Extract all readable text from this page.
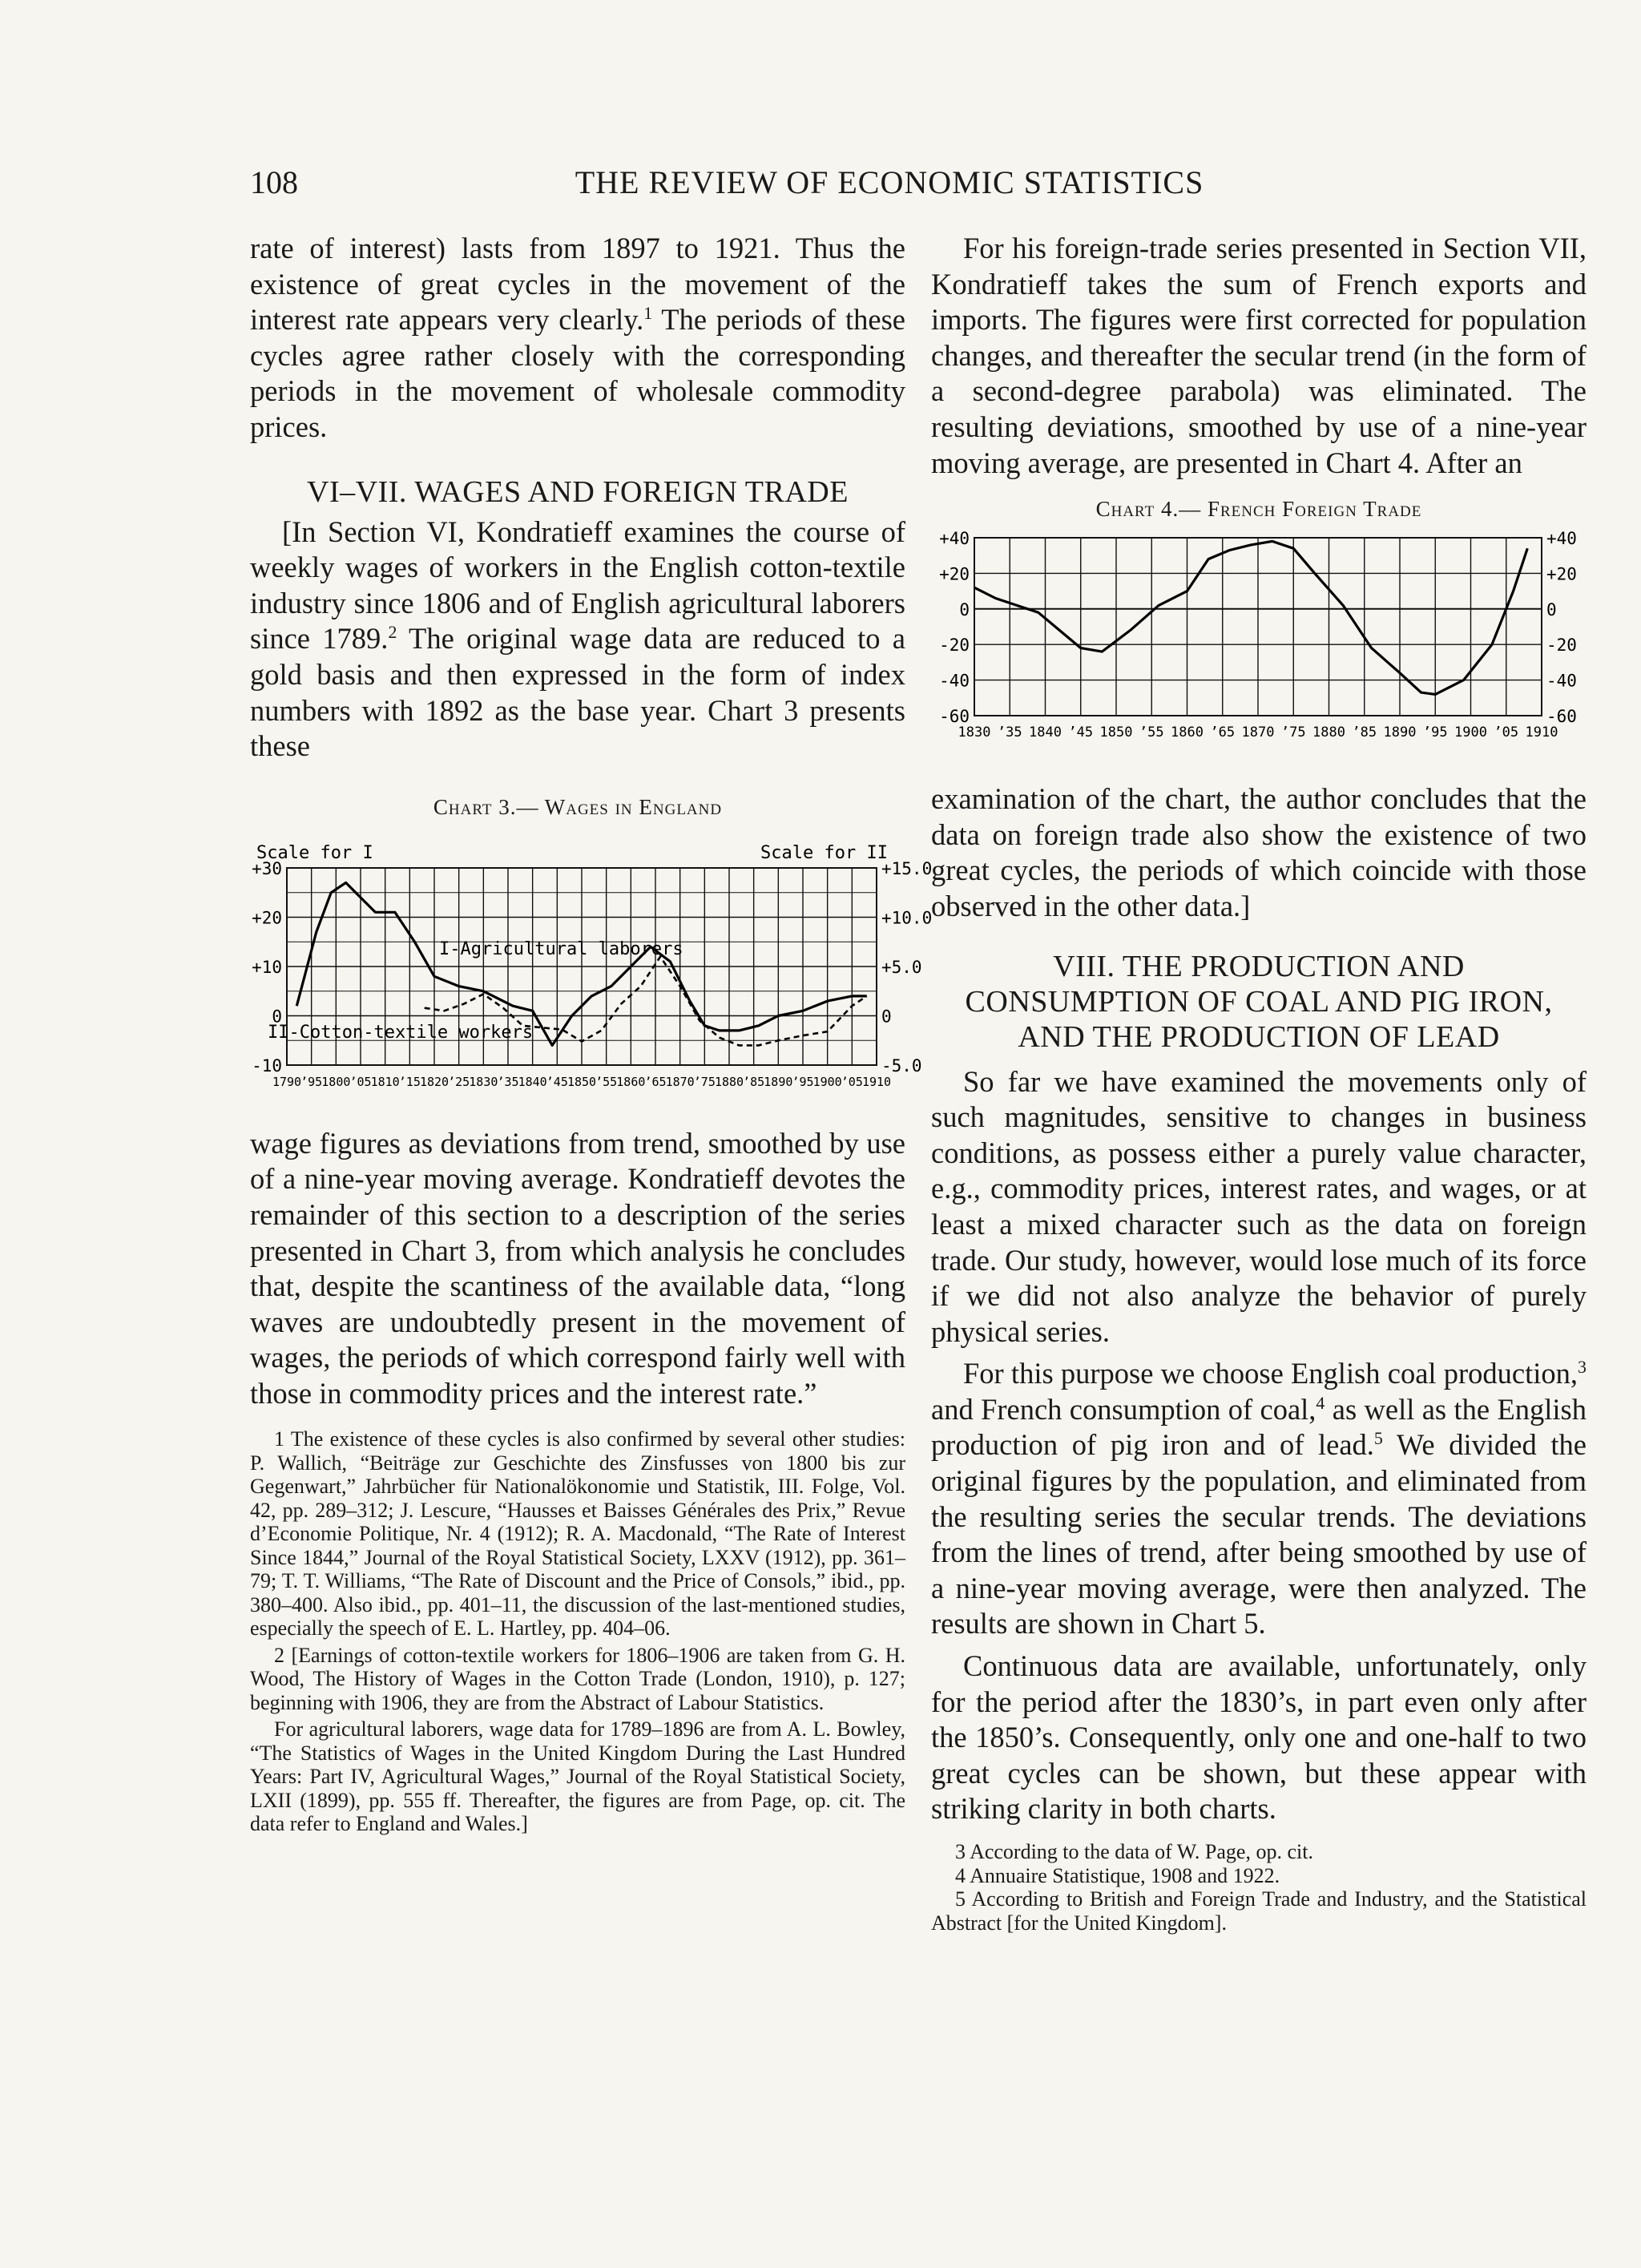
108	THE REVIEW OF ECONOMIC STATISTICS

rate of interest) lasts from 1897 to 1921. Thus the existence of great cycles in the movement of the interest rate appears very clearly.$^1$ The periods of these cycles agree rather closely with the corresponding periods in the movement of wholesale commodity prices.

VI–VII. WAGES AND FOREIGN TRADE

[In Section VI, Kondratieff examines the course of weekly wages of workers in the English cotton-textile industry since 1806 and of English agricultural laborers since 1789.$^2$ The original wage data are reduced to a gold basis and then expressed in the form of index numbers with 1892 as the base year. Chart 3 presents these

Chart 3.— Wages in England
+30
+20
+10
0
-10
+15.0
+10.0
+5.0
0
-5.0
1790 ’95 1800 ’05 1810 ’15 1820 ’25 1830 ’35 1840 ’45 1850 ’55 1860 ’65 1870 ’75 1880 ’85 1890 ’95 1900 ’05 1910
Scale for I	Scale for II
I-Agricultural laborers
II-Cotton-textile workers

wage figures as deviations from trend, smoothed by use of a nine-year moving average. Kondratieff devotes the remainder of this section to a description of the series presented in Chart 3, from which analysis he concludes that, despite the scantiness of the available data, “long waves are undoubtedly present in the movement of wages, the periods of which correspond fairly well with those in commodity prices and the interest rate.”

1 The existence of these cycles is also confirmed by several other studies: P. Wallich, “Beiträge zur Geschichte des Zinsfusses von 1800 bis zur Gegenwart,” Jahrbücher für Nationalökonomie und Statistik, III. Folge, Vol. 42, pp. 289–312; J. Lescure, “Hausses et Baisses Générales des Prix,” Revue d’Economie Politique, Nr. 4 (1912); R. A. Macdonald, “The Rate of Interest Since 1844,” Journal of the Royal Statistical Society, LXXV (1912), pp. 361–79; T. T. Williams, “The Rate of Discount and the Price of Consols,” ibid., pp. 380–400. Also ibid., pp. 401–11, the discussion of the last-mentioned studies, especially the speech of E. L. Hartley, pp. 404–06.

2 [Earnings of cotton-textile workers for 1806–1906 are taken from G. H. Wood, The History of Wages in the Cotton Trade (London, 1910), p. 127; beginning with 1906, they are from the Abstract of Labour Statistics.

For agricultural laborers, wage data for 1789–1896 are from A. L. Bowley, “The Statistics of Wages in the United Kingdom During the Last Hundred Years: Part IV, Agricultural Wages,” Journal of the Royal Statistical Society, LXII (1899), pp. 555 ff. Thereafter, the figures are from Page, op. cit. The data refer to England and Wales.]

For his foreign-trade series presented in Section VII, Kondratieff takes the sum of French exports and imports. The figures were first corrected for population changes, and thereafter the secular trend (in the form of a second-degree parabola) was eliminated. The resulting deviations, smoothed by use of a nine-year moving average, are presented in Chart 4. After an

Chart 4.— French Foreign Trade
+40	+40
+20	+20
0	0
-20	-20
-40	-40
-60	-60
1830 ’35 1840 ’45 1850 ’55 1860 ’65 1870 ’75 1880 ’85 1890 ’95 1900 ’05 1910

examination of the chart, the author concludes that the data on foreign trade also show the existence of two great cycles, the periods of which coincide with those observed in the other data.]

VIII. THE PRODUCTION AND
CONSUMPTION OF COAL AND PIG IRON,
AND THE PRODUCTION OF LEAD

So far we have examined the movements only of such magnitudes, sensitive to changes in business conditions, as possess either a purely value character, e.g., commodity prices, interest rates, and wages, or at least a mixed character such as the data on foreign trade. Our study, however, would lose much of its force if we did not also analyze the behavior of purely physical series.

For this purpose we choose English coal production,$^3$ and French consumption of coal,$^4$ as well as the English production of pig iron and of lead.$^5$ We divided the original figures by the population, and eliminated from the resulting series the secular trends. The deviations from the lines of trend, after being smoothed by use of a nine-year moving average, were then analyzed. The results are shown in Chart 5.

Continuous data are available, unfortunately, only for the period after the 1830’s, in part even only after the 1850’s. Consequently, only one and one-half to two great cycles can be shown, but these appear with striking clarity in both charts.

3 According to the data of W. Page, op. cit.

4 Annuaire Statistique, 1908 and 1922.

5 According to British and Foreign Trade and Industry, and the Statistical Abstract [for the United Kingdom].
